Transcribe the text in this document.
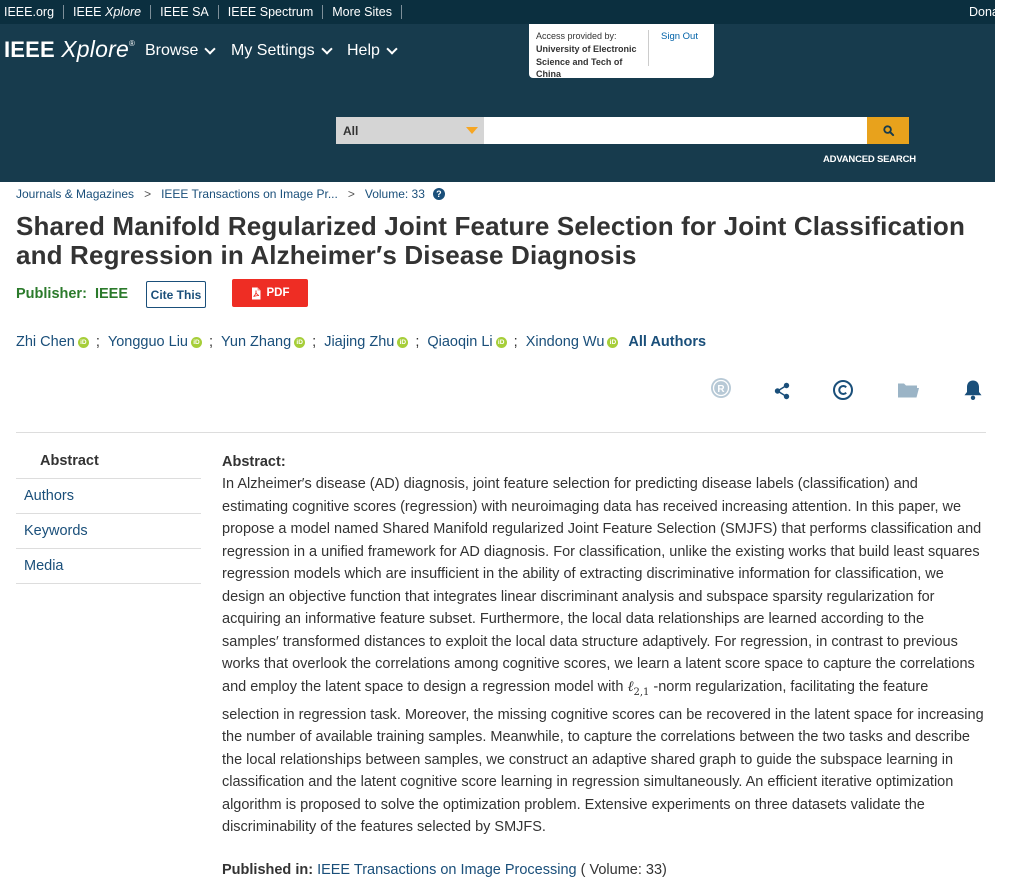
IEEE.org	IEEE Xplore	IEEE SA	IEEE Spectrum	More Sites	Donate
IEEE Xplore® Browse My Settings Help
Access provided by:
University of Electronic Science and Tech of China
Sign Out
All
ADVANCED SEARCH
Journals & Magazines > IEEE Transactions on Image Pr... > Volume: 33	?
Shared Manifold Regularized Joint Feature Selection for Joint Classification and Regression in Alzheimer′s Disease Diagnosis
Publisher: IEEE	Cite This	PDF
Zhi Chen iD ; Yongguo Liu iD ; Yun Zhang iD ; Jiajing Zhu iD ; Qiaoqin Li iD ; Xindong Wu iD All Authors
R
Abstract
Authors
Keywords
Media
Abstract:

In Alzheimer′s disease (AD) diagnosis, joint feature selection for predicting disease labels (classification) and estimating cognitive scores (regression) with neuroimaging data has received increasing attention. In this paper, we propose a model named Shared Manifold regularized Joint Feature Selection (SMJFS) that performs classification and regression in a unified framework for AD diagnosis. For classification, unlike the existing works that build least squares regression models which are insufficient in the ability of extracting discriminative information for classification, we design an objective function that integrates linear discriminant analysis and subspace sparsity regularization for acquiring an informative feature subset. Furthermore, the local data relationships are learned according to the samples′ transformed distances to exploit the local data structure adaptively. For regression, in contrast to previous works that overlook the correlations among cognitive scores, we learn a latent score space to capture the correlations and employ the latent space to design a regression model with ℓ$_{2,1}$ -norm regularization, facilitating the feature selection in regression task. Moreover, the missing cognitive scores can be recovered in the latent space for increasing the number of available training samples. Meanwhile, to capture the correlations between the two tasks and describe the local relationships between samples, we construct an adaptive shared graph to guide the subspace learning in classification and the latent cognitive score learning in regression simultaneously. An efficient iterative optimization algorithm is proposed to solve the optimization problem. Extensive experiments on three datasets validate the discriminability of the features selected by SMJFS.

Published in: IEEE Transactions on Image Processing ( Volume: 33)
